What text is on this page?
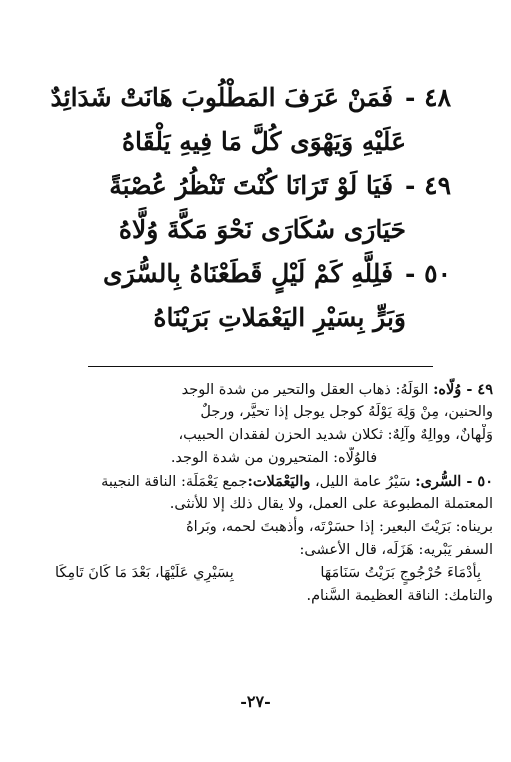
٤٨ -فَمَنْ عَرَفَ المَطْلُوبَ هَانَتْ شَدَائِدٌ
عَلَيْهِ وَيَهْوَى كُلَّ مَا فِيهِ يَلْقَاهُ
٤٩ -فَيَا لَوْ تَرَانَا كُنْتَ تَنْظُرُ عُصْبَةً
حَيَارَى سُكَارَى نَحْوَ مَكَّةَ وُلَّاهُ
٥٠ -فَلِلَّهِ كَمْ لَيْلٍ قَطَعْنَاهُ بِالسُّرَى
وَبَرٍّ بِسَيْرِ اليَعْمَلاتِ بَرَيْنَاهُ
٤٩ - وُلَّاه: الوَلَهُ: ذهاب العقل والتحير من شدة الوجد
والحنين، مِنْ وَلِهَ يَوْلَهُ كوجل يوجل إذا تحيَّر، ورجلٌ
وَلْهانٌ، ووالِهٌ وآلِهٌ: ثكلان شديد الحزن لفقدان الحبيب،
فالوُلَّاه: المتحيرون من شدة الوجد.
٥٠ - السُّرى: سَيْرُ عامة الليل، واليَعْمَلات:جمع يَعْمَلَة: الناقة النجيبة
المعتملة المطبوعة على العمل، ولا يقال ذلك إلا للأنثى.
بريناه: بَرَيْتَ البعير: إذا حسَرْتَه، وأذهبتَ لحمه، وبَراهُ
السفر يَبْريه: هَزَلَه، قال الأعشى:
بِأَدْمَاءَ حُرْجُوجٍ بَرَيْتُ سَنَامَهَا
بِسَيْرِي عَلَيْهَا، بَعْدَ مَا كَانَ تَامِكَا
والتامك: الناقة العظيمة السَّنام.
-٢٧-
